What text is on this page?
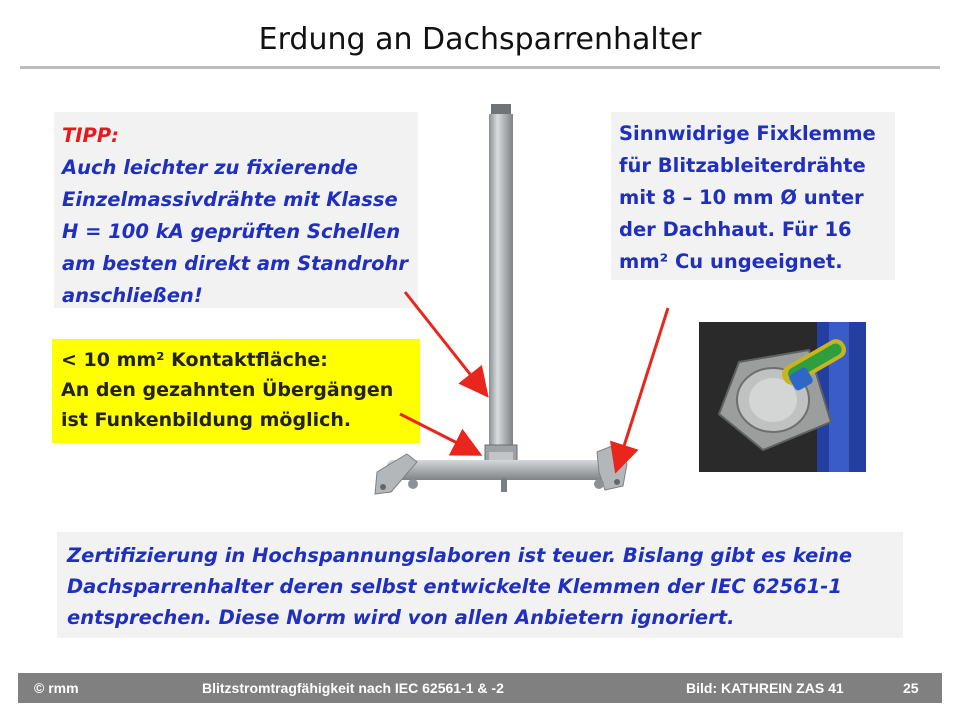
Erdung an Dachsparrenhalter
TIPP:
Auch leichter zu fixierende
Einzelmassivdrähte mit Klasse
H = 100 kA geprüften Schellen
am besten direkt am Standrohr
anschließen!
Sinnwidrige Fixklemme
für Blitzableiterdrähte
mit 8 – 10 mm Ø unter
der Dachhaut. Für 16
mm² Cu ungeeignet.
< 10 mm² Kontaktfläche:
An den gezahnten Übergängen
ist Funkenbildung möglich.
Zertifizierung in Hochspannungslaboren ist teuer. Bislang gibt es keine
Dachsparrenhalter deren selbst entwickelte Klemmen der IEC 62561-1
entsprechen. Diese Norm wird von allen Anbietern ignoriert.
© rmm	Blitzstromtragfähigkeit nach IEC 62561-1 & -2	Bild: KATHREIN ZAS 41	25
